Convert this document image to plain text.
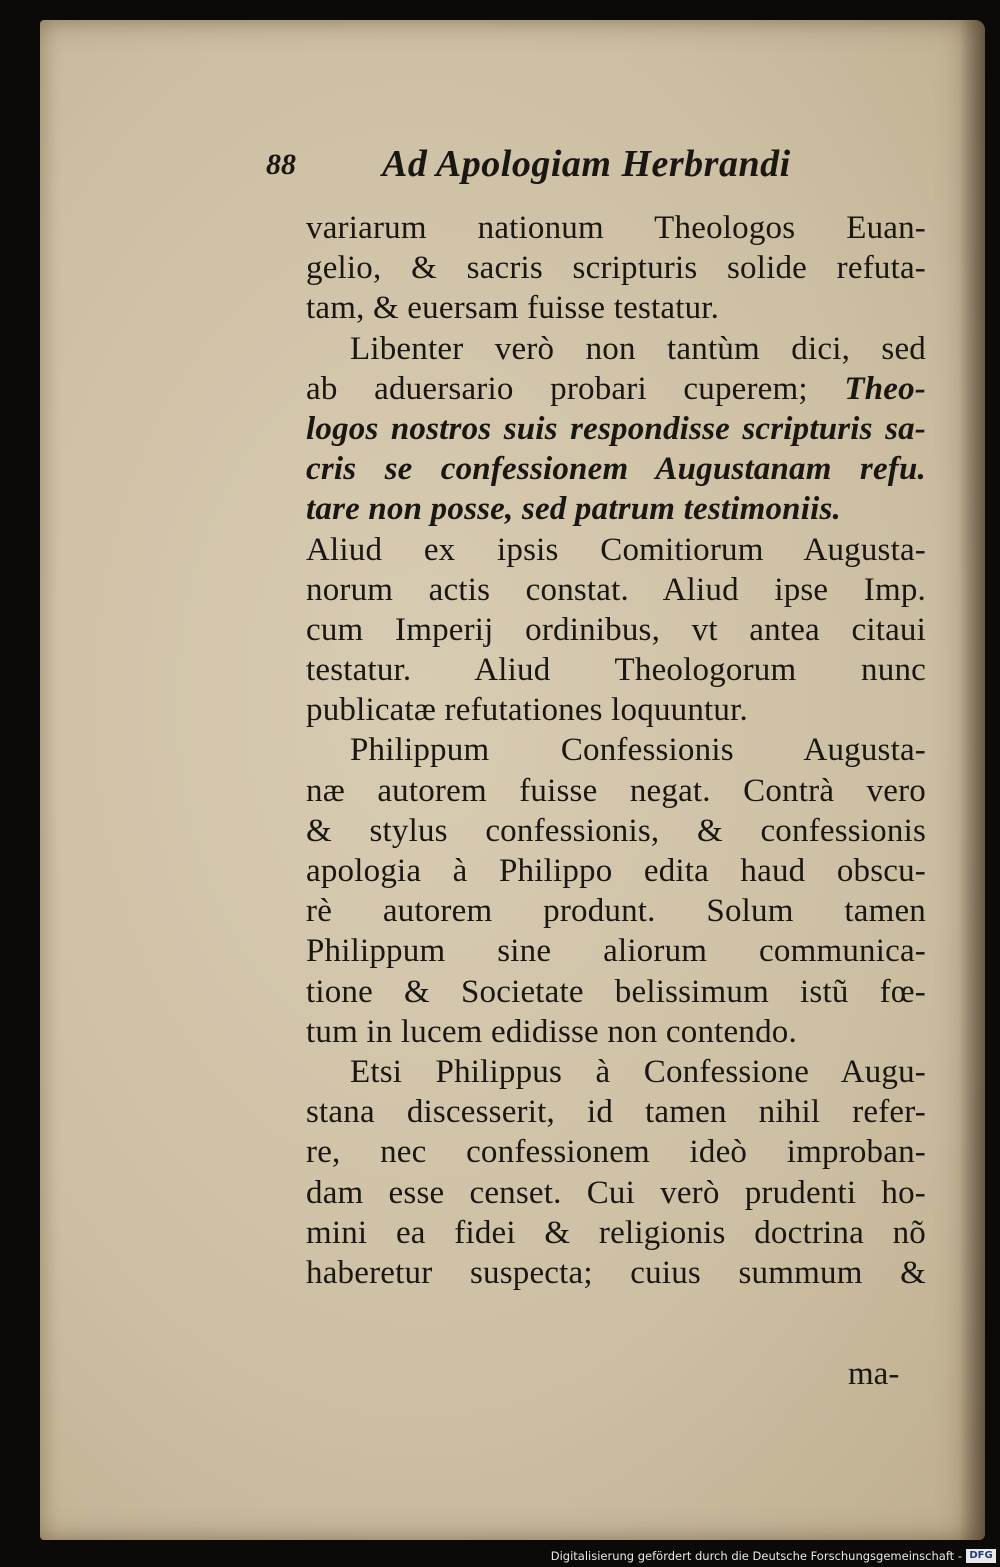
88 Ad Apologiam Herbrandi
variarum nationum Theologos Euan-
gelio, & sacris scripturis solide refuta-
tam, & euersam fuisse testatur.
Libenter verò non tantùm dici, sed
ab aduersario probari cuperem; Theo-
logos nostros suis respondisse scripturis sa-
cris se confessionem Augustanam refu.
tare non posse, sed patrum testimoniis.
Aliud ex ipsis Comitiorum Augusta-
norum actis constat. Aliud ipse Imp.
cum Imperij ordinibus, vt antea citaui
testatur. Aliud Theologorum nunc
publicatæ refutationes loquuntur.
Philippum Confessionis Augusta-
næ autorem fuisse negat. Contrà vero
& stylus confessionis, & confessionis
apologia à Philippo edita haud obscu-
rè autorem produnt. Solum tamen
Philippum sine aliorum communica-
tione & Societate belissimum istũ fœ-
tum in lucem edidisse non contendo.
Etsi Philippus à Confessione Augu-
stana discesserit, id tamen nihil refer-
re, nec confessionem ideò improban-
dam esse censet. Cui verò prudenti ho-
mini ea fidei & religionis doctrina nõ
haberetur suspecta; cuius summum &
ma-
Digitalisierung gefördert durch die Deutsche Forschungsgemeinschaft - DFG
